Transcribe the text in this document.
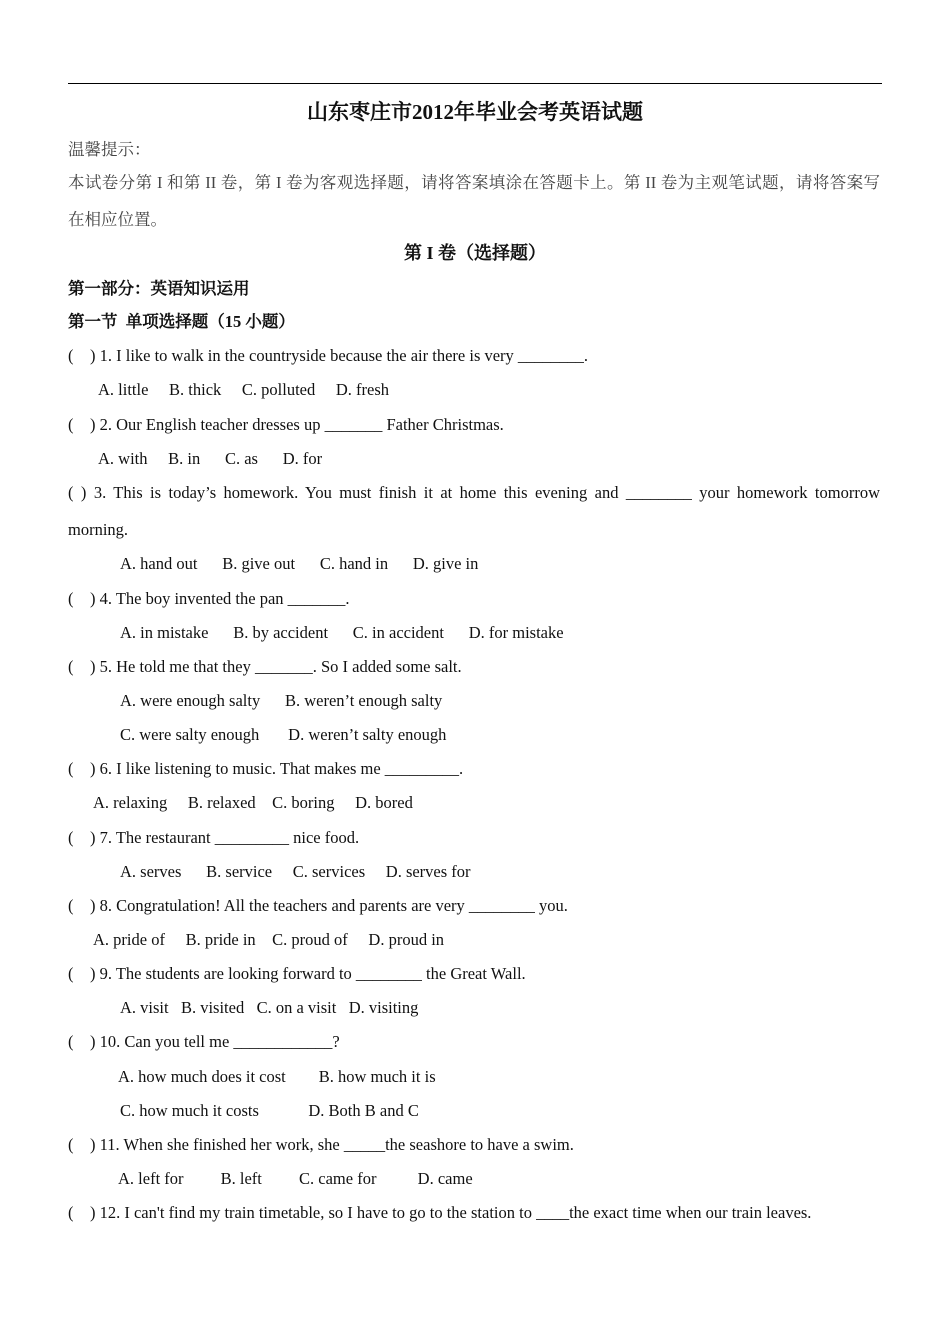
山东枣庄市2012年毕业会考英语试题
温馨提示：
本试卷分第 I 和第 II 卷，第 I 卷为客观选择题，请将答案填涂在答题卡上。第 II 卷为主观笔试题，请将答案写
在相应位置。
第 I 卷（选择题）
第一部分：英语知识运用
第一节  单项选择题（15 小题）
(    ) 1. I like to walk in the countryside because the air there is very ________.
A. little     B. thick     C. polluted     D. fresh
(    ) 2. Our English teacher dresses up _______ Father Christmas.
A. with     B. in      C. as      D. for
( ) 3. This is today’s homework. You must finish it at home this evening and ________ your homework tomorrow
morning.
A. hand out      B. give out      C. hand in      D. give in
(    ) 4. The boy invented the pan _______.
A. in mistake      B. by accident      C. in accident      D. for mistake
(    ) 5. He told me that they _______. So I added some salt.
A. were enough salty      B. weren’t enough salty
C. were salty enough       D. weren’t salty enough
(    ) 6. I like listening to music. That makes me _________.
A. relaxing     B. relaxed    C. boring     D. bored
(    ) 7. The restaurant _________ nice food.
A. serves      B. service     C. services     D. serves for
(    ) 8. Congratulation! All the teachers and parents are very ________ you.
A. pride of     B. pride in    C. proud of     D. proud in
(    ) 9. The students are looking forward to ________ the Great Wall.
A. visit   B. visited   C. on a visit   D. visiting
(    ) 10. Can you tell me ____________?
A. how much does it cost        B. how much it is
C. how much it costs            D. Both B and C
(    ) 11. When she finished her work, she _____the seashore to have a swim.
A. left for         B. left         C. came for          D. came
(    ) 12. I can't find my train timetable, so I have to go to the station to ____the exact time when our train leaves.
